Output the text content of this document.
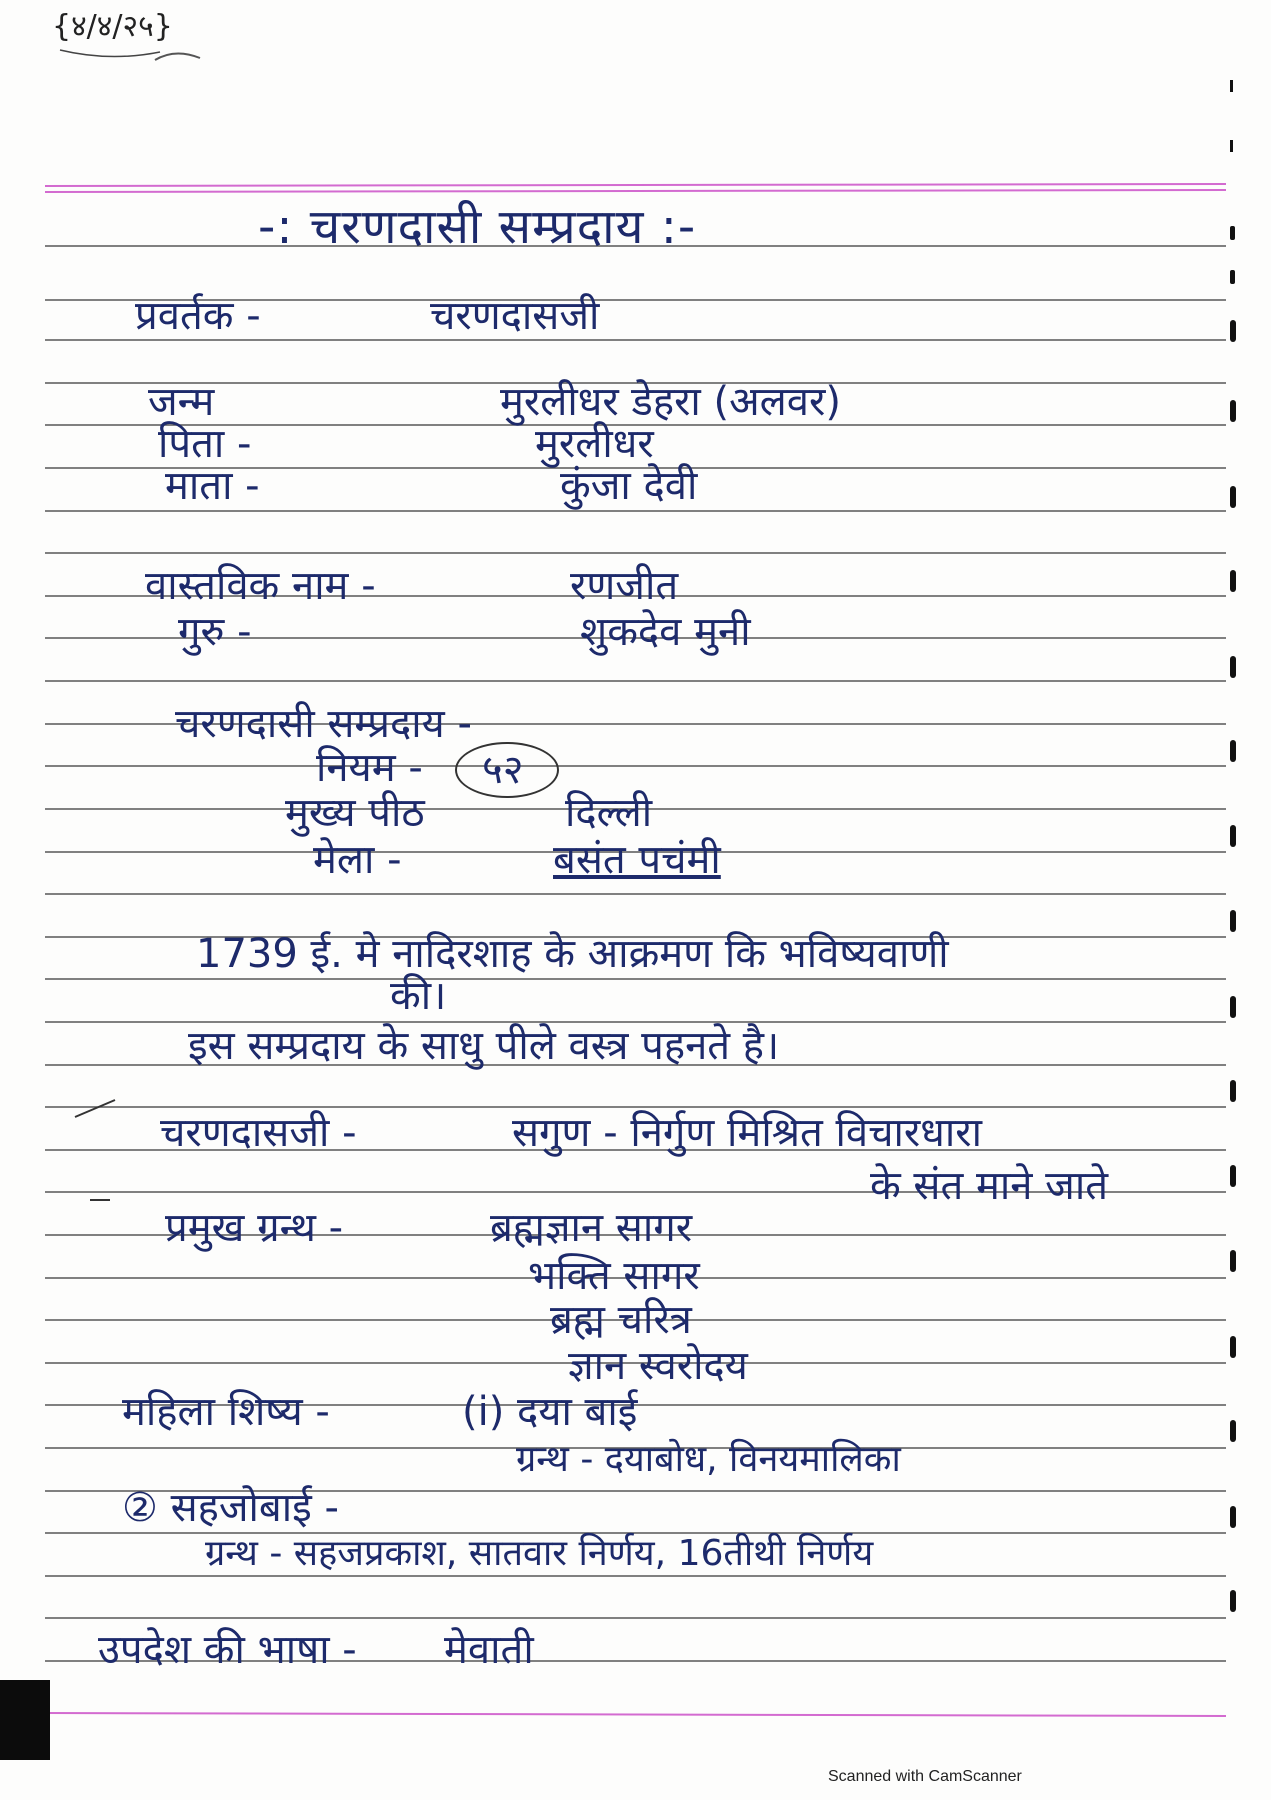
{४/४/२५}
-: चरणदासी सम्प्रदाय :-
प्रवर्तक -	चरणदासजी
जन्म	मुरलीधर डेहरा (अलवर)
पिता -	मुरलीधर
माता -	कुंजा देवी
वास्तविक नाम -	रणजीत
गुरु -	शुकदेव मुनी
चरणदासी सम्प्रदाय -
नियम - ५२
मुख्य पीठ	दिल्ली
मेला -	बसंत पचंमी
1739 ई. मे नादिरशाह के आक्रमण कि भविष्यवाणी
की।
इस सम्प्रदाय के साधु पीले वस्त्र पहनते है।
चरणदासजी -	सगुण - निर्गुण मिश्रित विचारधारा
के संत माने जाते
प्रमुख ग्रन्थ -	ब्रह्मज्ञान सागर
भक्ति सागर
ब्रह्म चरित्र
ज्ञान स्वरोदय
महिला शिष्य -	(i) दया बाई
ग्रन्थ - दयाबोध, विनयमालिका
② सहजोबाई -
ग्रन्थ - सहजप्रकाश, सातवार निर्णय, 16तीथी निर्णय
उपदेश की भाषा - मेवाती
Scanned with CamScanner
